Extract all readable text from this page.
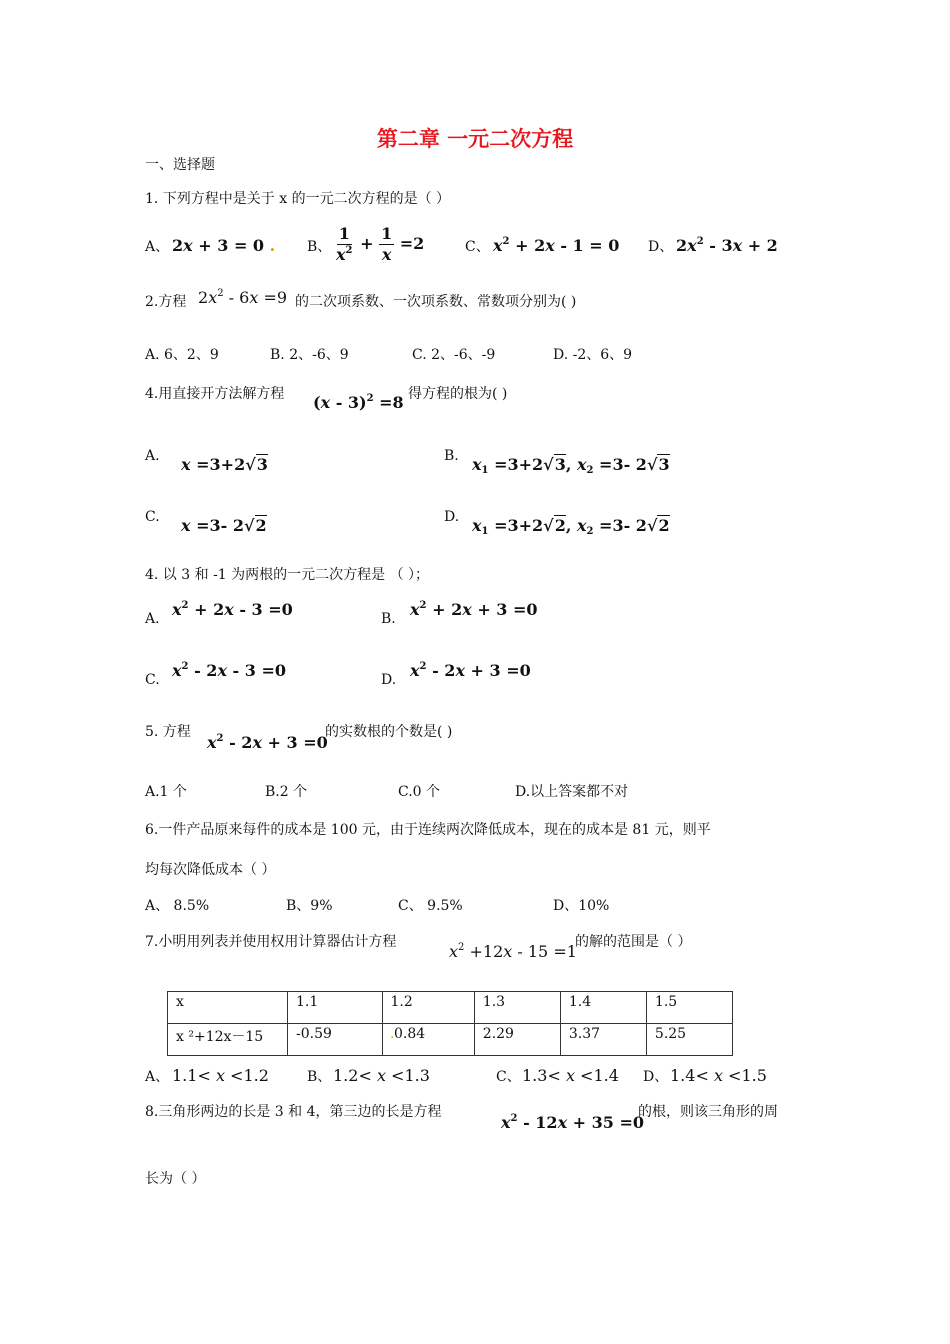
第二章 一元二次方程
一、选择题
1. 下列方程中是关于 x 的一元二次方程的是（ ）
A、 2x + 3 = 0 . B、 $\frac{1}{x^2} + \frac{1}{x} =2$	C、 $x^2 + 2x - 1 = 0$ D、 $2x^2 - 3x + 2$
2.方程 $2x^2 - 6x =9$ 的二次项系数、一次项系数、常数项分别为( )
A. 6、2、9	B. 2、-6、9	C. 2、-6、-9	D. -2、6、9
4.用直接开方法解方程 (x - 3)$^2$ =8 得方程的根为( )
A. x =3+2√3	B. $x_1 =3+2√3$, $x_2 =3-$ 2√3
C. x =3- 2√2	D. $x_1 =3+2√2$, $x_2 =3-$ 2√2
4. 以 3 和 -1 为两根的一元二次方程是 （ ）；
A. $x^2 + 2x - 3 =0$	B. $x^2 + 2x + 3 =0$
C. $x^2 - 2x - 3 =0$	D. $x^2 - 2x + 3 =0$
5. 方程
$x^2 - 2x + 3 =0$
的实数根的个数是( )
A.1 个	B.2 个	C.0 个	D.以上答案都不对
6.一件产品原来每件的成本是 100 元，由于连续两次降低成本，现在的成本是 81 元，则平
均每次降低成本（ ）
A、 8.5%	B、9%	C、 9.5%	D、10%
7.小明用列表并使用权用计算器估计方程	$x^2 +12x - 15 =1$
的解的范围是（ ）
x	1.1	1.2	1.3	1.4	1.5
x ²+12x－15	-0.59	.0.84	2.29	3.37	5.25
A、 1.1< x <1.2	B、 1.2< x <1.3	C、 1.3< x <1.4 D、 1.4< x <1.5
8.三角形两边的长是 3 和 4，第三边的长是方程
$x^2 - 12x + 35 =0$
的根，则该三角形的周
长为（ ）
